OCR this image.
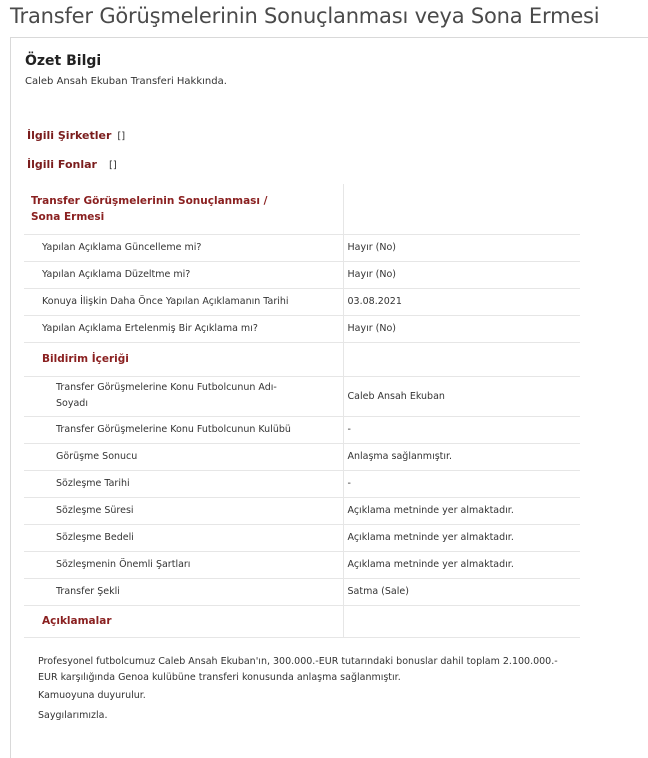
Transfer Görüşmelerinin Sonuçlanması veya Sona Ermesi
Özet Bilgi
Caleb Ansah Ekuban Transferi Hakkında.
İlgili Şirketler []
İlgili Fonlar []
Transfer Görüşmelerinin Sonuçlanması / Sona Ermesi	

Yapılan Açıklama Güncelleme mi?	Hayır (No)
Yapılan Açıklama Düzeltme mi?	Hayır (No)
Konuya İlişkin Daha Önce Yapılan Açıklamanın Tarihi	03.08.2021
Yapılan Açıklama Ertelenmiş Bir Açıklama mı?	Hayır (No)

Bildirim İçeriği	

Transfer Görüşmelerine Konu Futbolcunun Adı-Soyadı	Caleb Ansah Ekuban
Transfer Görüşmelerine Konu Futbolcunun Kulübü	-
Görüşme Sonucu	Anlaşma sağlanmıştır.
Sözleşme Tarihi	-
Sözleşme Süresi	Açıklama metninde yer almaktadır.
Sözleşme Bedeli	Açıklama metninde yer almaktadır.
Sözleşmenin Önemli Şartları	Açıklama metninde yer almaktadır.
Transfer Şekli	Satma (Sale)

Açıklamalar	

Profesyonel futbolcumuz Caleb Ansah Ekuban'ın, 300.000.-EUR tutarındaki bonuslar dahil toplam 2.100.000.-EUR karşılığında Genoa kulübüne transferi konusunda anlaşma sağlanmıştır.

Kamuoyuna duyurulur.

Saygılarımızla.
